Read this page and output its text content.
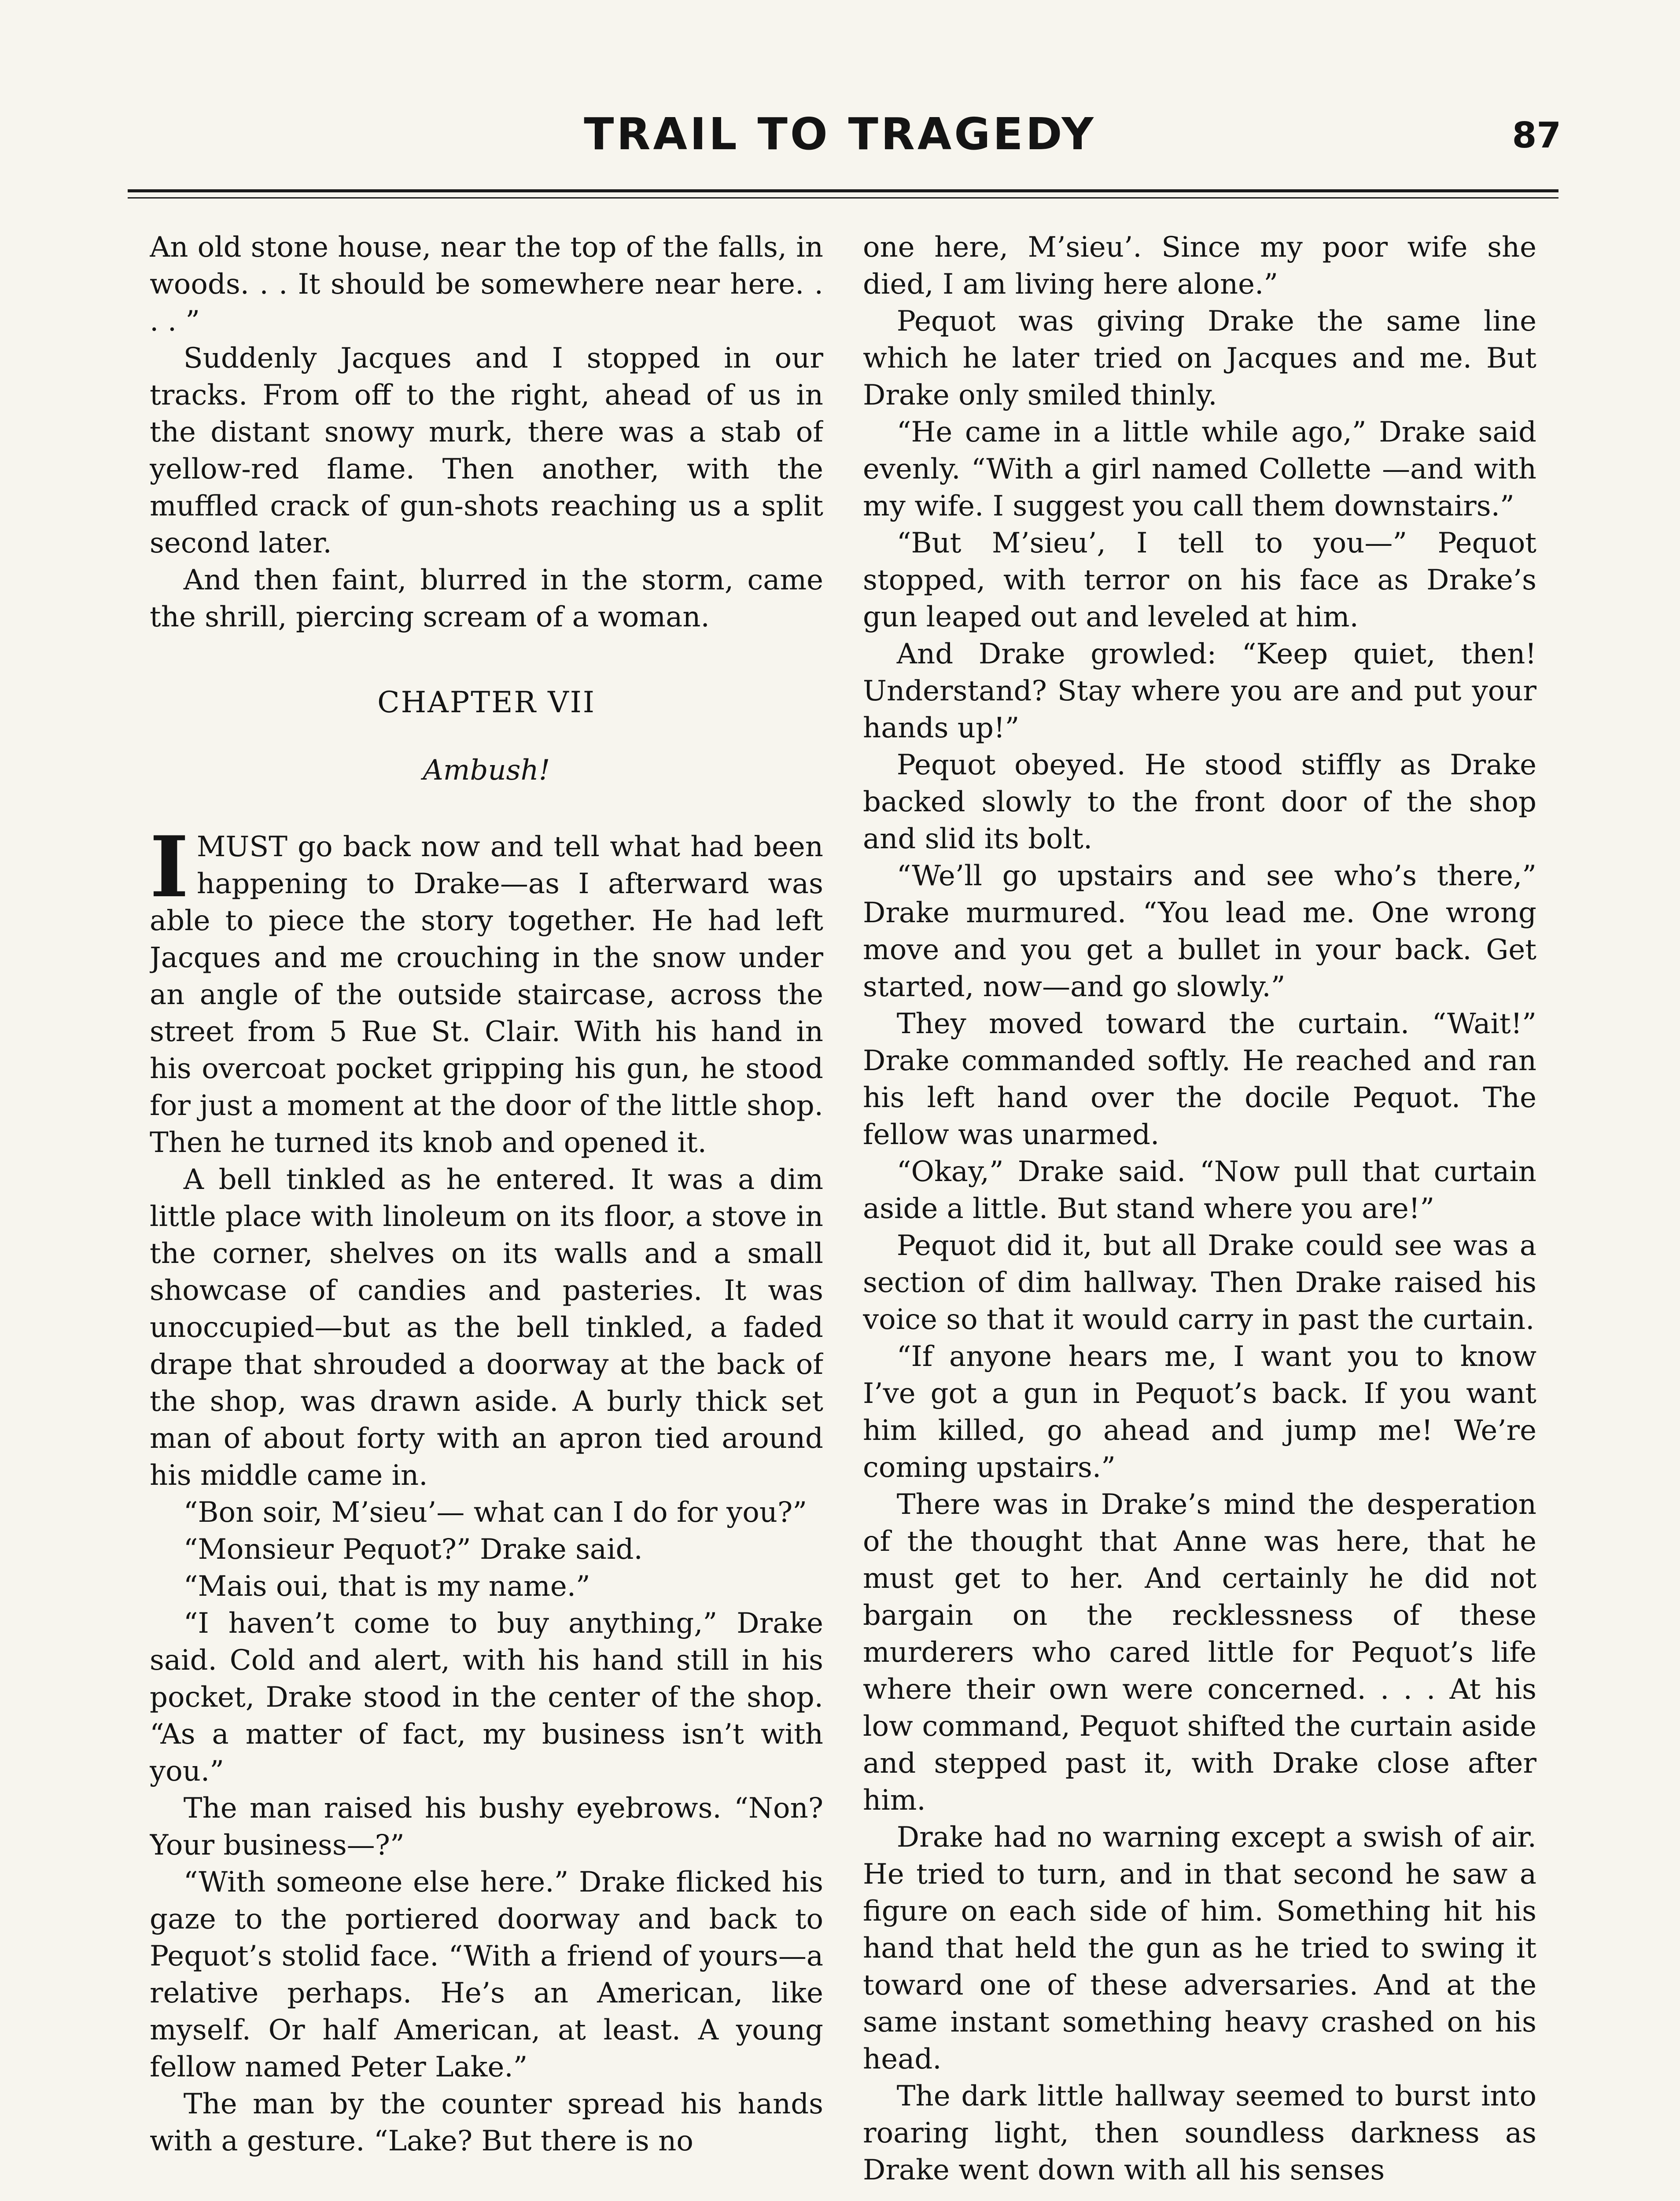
TRAIL TO TRAGEDY	87

An old stone house, near the top of the falls, in woods. . . It should be somewhere near here. . . . ”

Suddenly Jacques and I stopped in our tracks. From off to the right, ahead of us in the distant snowy murk, there was a stab of yellow-red flame. Then another, with the muffled crack of gun-shots reaching us a split second later.

And then faint, blurred in the storm, came the shrill, piercing scream of a woman.

CHAPTER VII
Ambush!

IMUST go back now and tell what had been happening to Drake—as I afterward was able to piece the story together. He had left Jacques and me crouching in the snow under an angle of the outside staircase, across the street from 5 Rue St. Clair. With his hand in his overcoat pocket gripping his gun, he stood for just a moment at the door of the little shop. Then he turned its knob and opened it.

A bell tinkled as he entered. It was a dim little place with linoleum on its floor, a stove in the corner, shelves on its walls and a small showcase of candies and pasteries. It was unoccupied—but as the bell tinkled, a faded drape that shrouded a doorway at the back of the shop, was drawn aside. A burly thick set man of about forty with an apron tied around his middle came in.

“Bon soir, M’sieu’— what can I do for you?”

“Monsieur Pequot?” Drake said.

“Mais oui, that is my name.”

“I haven’t come to buy anything,” Drake said. Cold and alert, with his hand still in his pocket, Drake stood in the center of the shop. “As a matter of fact, my business isn’t with you.”

The man raised his bushy eyebrows. “Non? Your business—?”

“With someone else here.” Drake flicked his gaze to the portiered doorway and back to Pequot’s stolid face. “With a friend of yours—a relative perhaps. He’s an American, like myself. Or half American, at least. A young fellow named Peter Lake.”

The man by the counter spread his hands with a gesture. “Lake? But there is no

one here, M’sieu’. Since my poor wife she died, I am living here alone.”

Pequot was giving Drake the same line which he later tried on Jacques and me. But Drake only smiled thinly.

“He came in a little while ago,” Drake said evenly. “With a girl named Collette —and with my wife. I suggest you call them downstairs.”

“But M’sieu’, I tell to you—” Pequot stopped, with terror on his face as Drake’s gun leaped out and leveled at him.

And Drake growled: “Keep quiet, then! Understand? Stay where you are and put your hands up!”

Pequot obeyed. He stood stiffly as Drake backed slowly to the front door of the shop and slid its bolt.

“We’ll go upstairs and see who’s there,” Drake murmured. “You lead me. One wrong move and you get a bullet in your back. Get started, now—and go slowly.”

They moved toward the curtain. “Wait!” Drake commanded softly. He reached and ran his left hand over the docile Pequot. The fellow was unarmed.

“Okay,” Drake said. “Now pull that curtain aside a little. But stand where you are!”

Pequot did it, but all Drake could see was a section of dim hallway. Then Drake raised his voice so that it would carry in past the curtain.

“If anyone hears me, I want you to know I’ve got a gun in Pequot’s back. If you want him killed, go ahead and jump me! We’re coming upstairs.”

There was in Drake’s mind the desperation of the thought that Anne was here, that he must get to her. And certainly he did not bargain on the recklessness of these murderers who cared little for Pequot’s life where their own were concerned. . . . At his low command, Pequot shifted the curtain aside and stepped past it, with Drake close after him.

Drake had no warning except a swish of air. He tried to turn, and in that second he saw a figure on each side of him. Something hit his hand that held the gun as he tried to swing it toward one of these adversaries. And at the same instant something heavy crashed on his head.

The dark little hallway seemed to burst into roaring light, then soundless darkness as Drake went down with all his senses
